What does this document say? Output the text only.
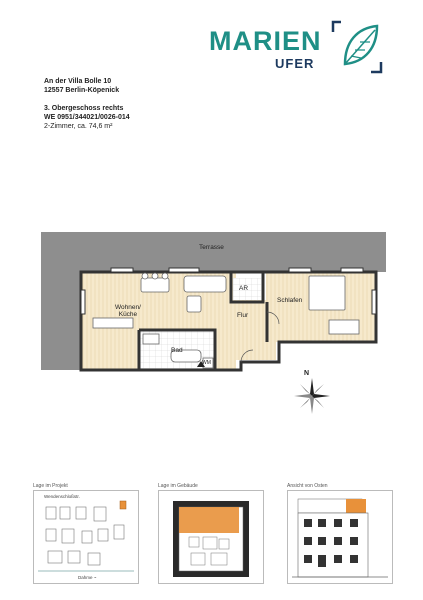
MARIEN
UFER
An der Villa Bolle 10
12557 Berlin-Köpenick
3. Obergeschoss rechts
WE 0951/344021/0026-014
2-Zimmer, ca. 74,6 m²
Terrasse
Wohnen/
Küche
AR
Schlafen
Flur
Bad
WM
N
Lage im Projekt
Wendenschloßstr.
Dahme ~
Lage im Gebäude	Ansicht von Osten
